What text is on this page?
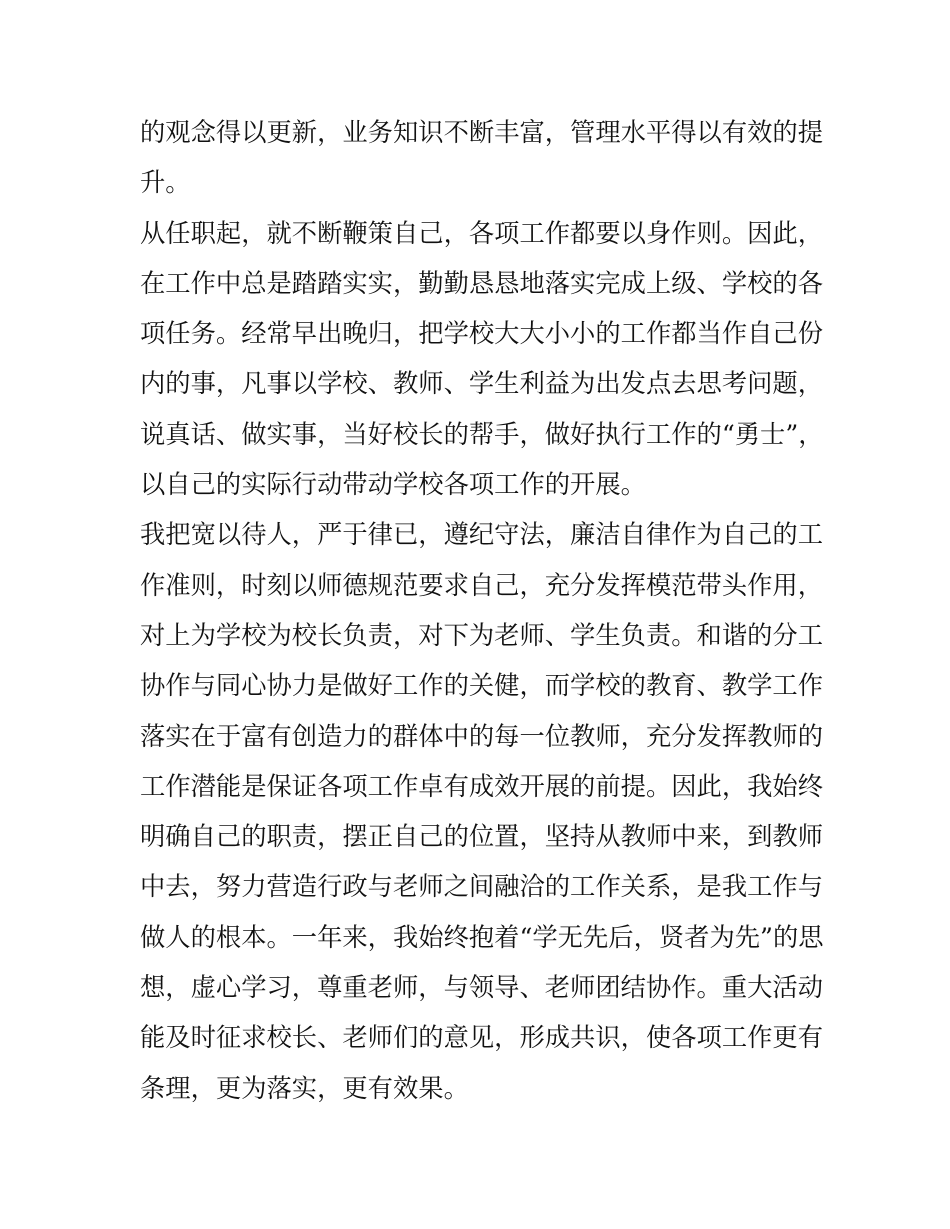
的观念得以更新，业务知识不断丰富，管理水平得以有效的提
升。
从任职起，就不断鞭策自己，各项工作都要以身作则。因此，
在工作中总是踏踏实实，勤勤恳恳地落实完成上级、学校的各
项任务。经常早出晚归，把学校大大小小的工作都当作自己份
内的事，凡事以学校、教师、学生利益为出发点去思考问题，
说真话、做实事，当好校长的帮手，做好执行工作的“勇士”，
以自己的实际行动带动学校各项工作的开展。
我把宽以待人，严于律已，遵纪守法，廉洁自律作为自己的工
作准则，时刻以师德规范要求自己，充分发挥模范带头作用，
对上为学校为校长负责，对下为老师、学生负责。和谐的分工
协作与同心协力是做好工作的关健，而学校的教育、教学工作
落实在于富有创造力的群体中的每一位教师，充分发挥教师的
工作潜能是保证各项工作卓有成效开展的前提。因此，我始终
明确自己的职责，摆正自己的位置，坚持从教师中来，到教师
中去，努力营造行政与老师之间融洽的工作关系，是我工作与
做人的根本。一年来，我始终抱着“学无先后，贤者为先”的思
想，虚心学习，尊重老师，与领导、老师团结协作。重大活动
能及时征求校长、老师们的意见，形成共识，使各项工作更有
条理，更为落实，更有效果。
